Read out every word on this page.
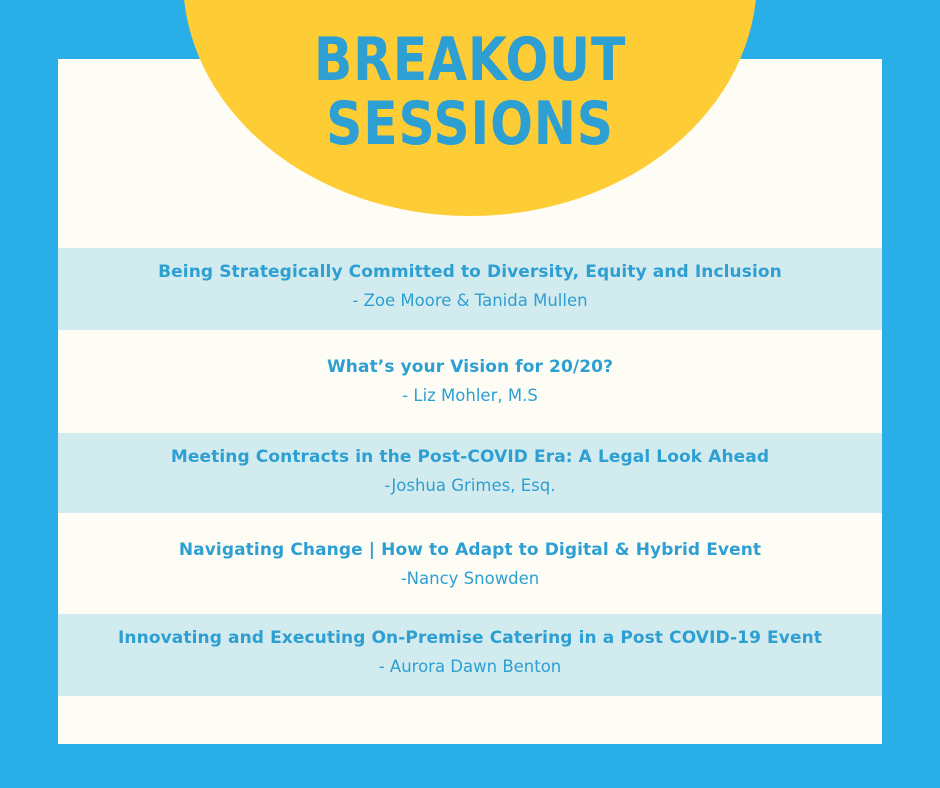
BREAKOUT
SESSIONS
Being Strategically Committed to Diversity, Equity and Inclusion
- Zoe Moore & Tanida Mullen
What’s your Vision for 20/20?
- Liz Mohler, M.S
Meeting Contracts in the Post-COVID Era: A Legal Look Ahead
-Joshua Grimes, Esq.
Navigating Change | How to Adapt to Digital & Hybrid Event
-Nancy Snowden
Innovating and Executing On-Premise Catering in a Post COVID-19 Event
- Aurora Dawn Benton
